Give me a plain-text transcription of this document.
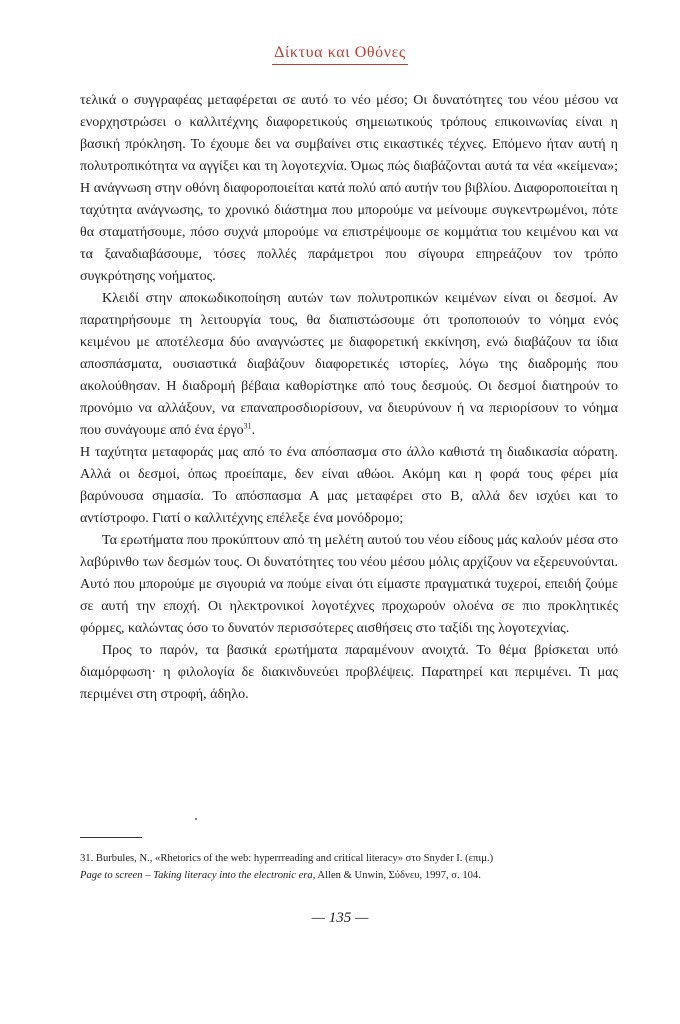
Δίκτυα και Οθόνες

τελικά ο συγγραφέας μεταφέρεται σε αυτό το νέο μέσο; Οι δυνατότητες του νέου μέσου να ενορχηστρώσει ο καλλιτέχνης διαφορετικούς σημειωτικούς τρόπους επικοινωνίας είναι η βασική πρόκληση. Το έχουμε δει να συμβαίνει στις εικαστικές τέχνες. Επόμενο ήταν αυτή η πολυτροπικότητα να αγγίξει και τη λογοτεχνία. Όμως πώς διαβάζονται αυτά τα νέα «κείμενα»; Η ανάγνωση στην οθόνη διαφοροποιείται κατά πολύ από αυτήν του βιβλίου. Διαφοροποιείται η ταχύτητα ανάγνωσης, το χρονικό διάστημα που μπορούμε να μείνουμε συγκεντρωμένοι, πότε θα σταματήσουμε, πόσο συχνά μπορούμε να επιστρέψουμε σε κομμάτια του κειμένου και να τα ξαναδιαβάσουμε, τόσες πολλές παράμετροι που σίγουρα επηρεάζουν τον τρόπο συγκρότησης νοήματος.

Κλειδί στην αποκωδικοποίηση αυτών των πολυτροπικών κειμένων είναι οι δεσμοί. Αν παρατηρήσουμε τη λειτουργία τους, θα διαπιστώσουμε ότι τροποποιούν το νόημα ενός κειμένου με αποτέλεσμα δύο αναγνώστες με διαφορετική εκκίνηση, ενώ διαβάζουν τα ίδια αποσπάσματα, ουσιαστικά διαβάζουν διαφορετικές ιστορίες, λόγω της διαδρομής που ακολούθησαν. Η διαδρομή βέβαια καθορίστηκε από τους δεσμούς. Οι δεσμοί διατηρούν το προνόμιο να αλλάξουν, να επαναπροσδιορίσουν, να διευρύνουν ή να περιορίσουν το νόημα που συνάγουμε από ένα έργο$^{31}$.

Η ταχύτητα μεταφοράς μας από το ένα απόσπασμα στο άλλο καθιστά τη διαδικασία αόρατη. Αλλά οι δεσμοί, όπως προείπαμε, δεν είναι αθώοι. Ακόμη και η φορά τους φέρει μία βαρύνουσα σημασία. Το απόσπασμα Α μας μεταφέρει στο Β, αλλά δεν ισχύει και το αντίστροφο. Γιατί ο καλλιτέχνης επέλεξε ένα μονόδρομο;

Τα ερωτήματα που προκύπτουν από τη μελέτη αυτού του νέου είδους μάς καλούν μέσα στο λαβύρινθο των δεσμών τους. Οι δυνατότητες του νέου μέσου μόλις αρχίζουν να εξερευνούνται. Αυτό που μπορούμε με σιγουριά να πούμε είναι ότι είμαστε πραγματικά τυχεροί, επειδή ζούμε σε αυτή την εποχή. Οι ηλεκτρονικοί λογοτέχνες προχωρούν ολοένα σε πιο προκλητικές φόρμες, καλώντας όσο το δυνατόν περισσότερες αισθήσεις στο ταξίδι της λογοτεχνίας.

Προς το παρόν, τα βασικά ερωτήματα παραμένουν ανοιχτά. Το θέμα βρίσκεται υπό διαμόρφωση· η φιλολογία δε διακινδυνεύει προβλέψεις. Παρατηρεί και περιμένει. Τι μας περιμένει στη στροφή, άδηλο.

31. Burbules, N., «Rhetorics of the web: hyperrreading and critical literacy» στο Snyder I. (επιμ.)
Page to screen – Taking literacy into the electronic era, Allen & Unwin, Σύδνευ, 1997, σ. 104.
— 135 —
